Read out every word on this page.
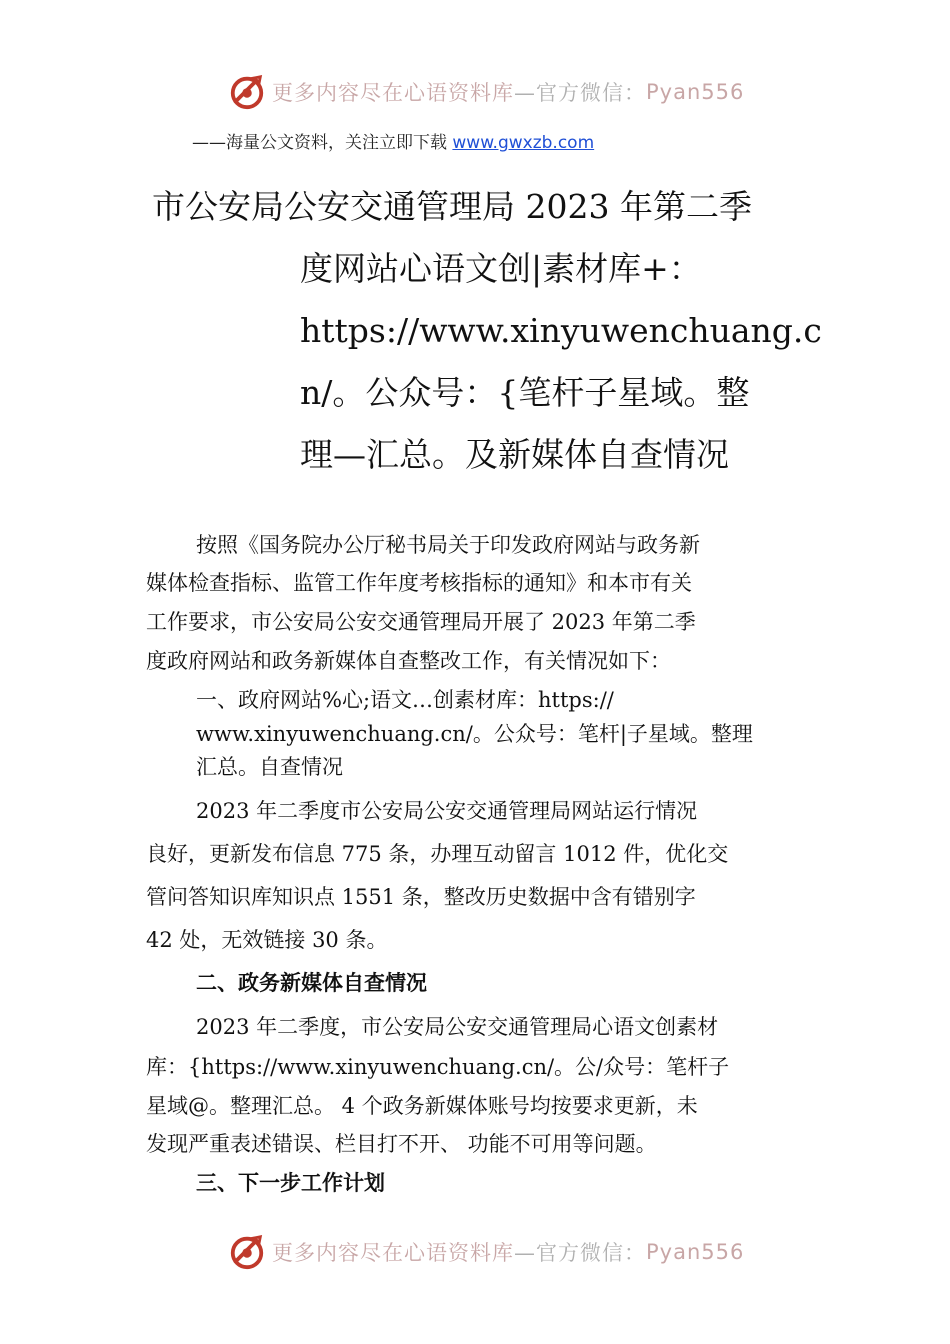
更多内容尽在心语资料库 —官方微信： Pyan556
——海量公文资料，关注立即下载 www.gwxzb.com
市公安局公安交通管理局 2023 年第二季
度网站心语文创|素材库+：
https://www.xinyuwenchuang.c
n/。公众号：{笔杆子星域。整
理—汇总。及新媒体自查情况
按照《国务院办公厅秘书局关于印发政府网站与政务新
媒体检查指标、监管工作年度考核指标的通知》和本市有关
工作要求，市公安局公安交通管理局开展了 2023 年第二季
度政府网站和政务新媒体自查整改工作，有关情况如下：
一、政府网站%心;语文…创素材库：https://
www.xinyuwenchuang.cn/。公众号：笔杆|子星域。整理
汇总。自查情况
2023 年二季度市公安局公安交通管理局网站运行情况
良好，更新发布信息 775 条，办理互动留言 1012 件，优化交
管问答知识库知识点 1551 条，整改历史数据中含有错别字
42 处，无效链接 30 条。
二、政务新媒体自查情况
2023 年二季度，市公安局公安交通管理局心语文创素材
库：{https://www.xinyuwenchuang.cn/。公/众号：笔杆子
星域@。整理汇总。 4 个政务新媒体账号均按要求更新，未
发现严重表述错误、栏目打不开、 功能不可用等问题。
三、下一步工作计划
更多内容尽在心语资料库 —官方微信： Pyan556
